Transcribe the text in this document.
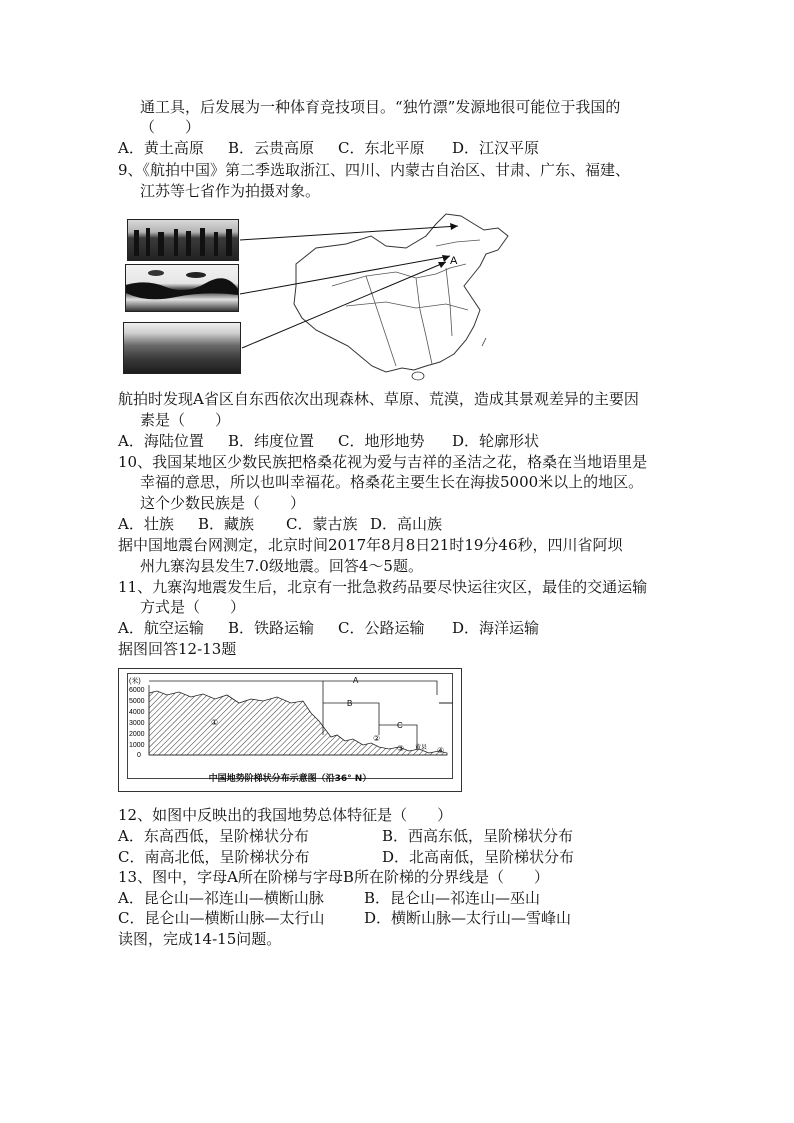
通工具，后发展为一种体育竞技项目。“独竹漂”发源地很可能位于我国的
（　　）
A．黄土高原 B．云贵高原 C．东北平原 D．江汉平原
9、《航拍中国》第二季选取浙江、四川、内蒙古自治区、甘肃、广东、福建、
江苏等七省作为拍摄对象。
A
航拍时发现A省区自东西依次出现森林、草原、荒漠，造成其景观差异的主要因
素是（　　）
A．海陆位置 B．纬度位置 C．地形地势 D．轮廓形状
10、我国某地区少数民族把格桑花视为爱与吉祥的圣洁之花，格桑在当地语里是
幸福的意思，所以也叫幸福花。格桑花主要生长在海拔5000米以上的地区。
这个少数民族是（　　）
A．壮族 B．藏族 C．蒙古族 D．高山族
据中国地震台网测定，北京时间2017年8月8日21时19分46秒，四川省阿坝
州九寨沟县发生7.0级地震。回答4～5题。
11、九寨沟地震发生后，北京有一批急救药品要尽快运往灾区，最佳的交通运输
方式是（　　）
A．航空运输 B．铁路运输 C．公路运输 D．海洋运输
据图回答12-13题
(米)
6000
5000
4000
3000
2000
1000
0
A
B
C
①
②
③	④
黄县
中国地势阶梯状分布示意图（沿36° N）
12、如图中反映出的我国地势总体特征是（　　）
A．东高西低，呈阶梯状分布	B．西高东低，呈阶梯状分布
C．南高北低，呈阶梯状分布	D．北高南低，呈阶梯状分布
13、图中，字母A所在阶梯与字母B所在阶梯的分界线是（　　）
A．昆仑山—祁连山—横断山脉	B．昆仑山—祁连山—巫山
C．昆仑山—横断山脉—太行山	D．横断山脉—太行山—雪峰山
读图，完成14-15问题。
